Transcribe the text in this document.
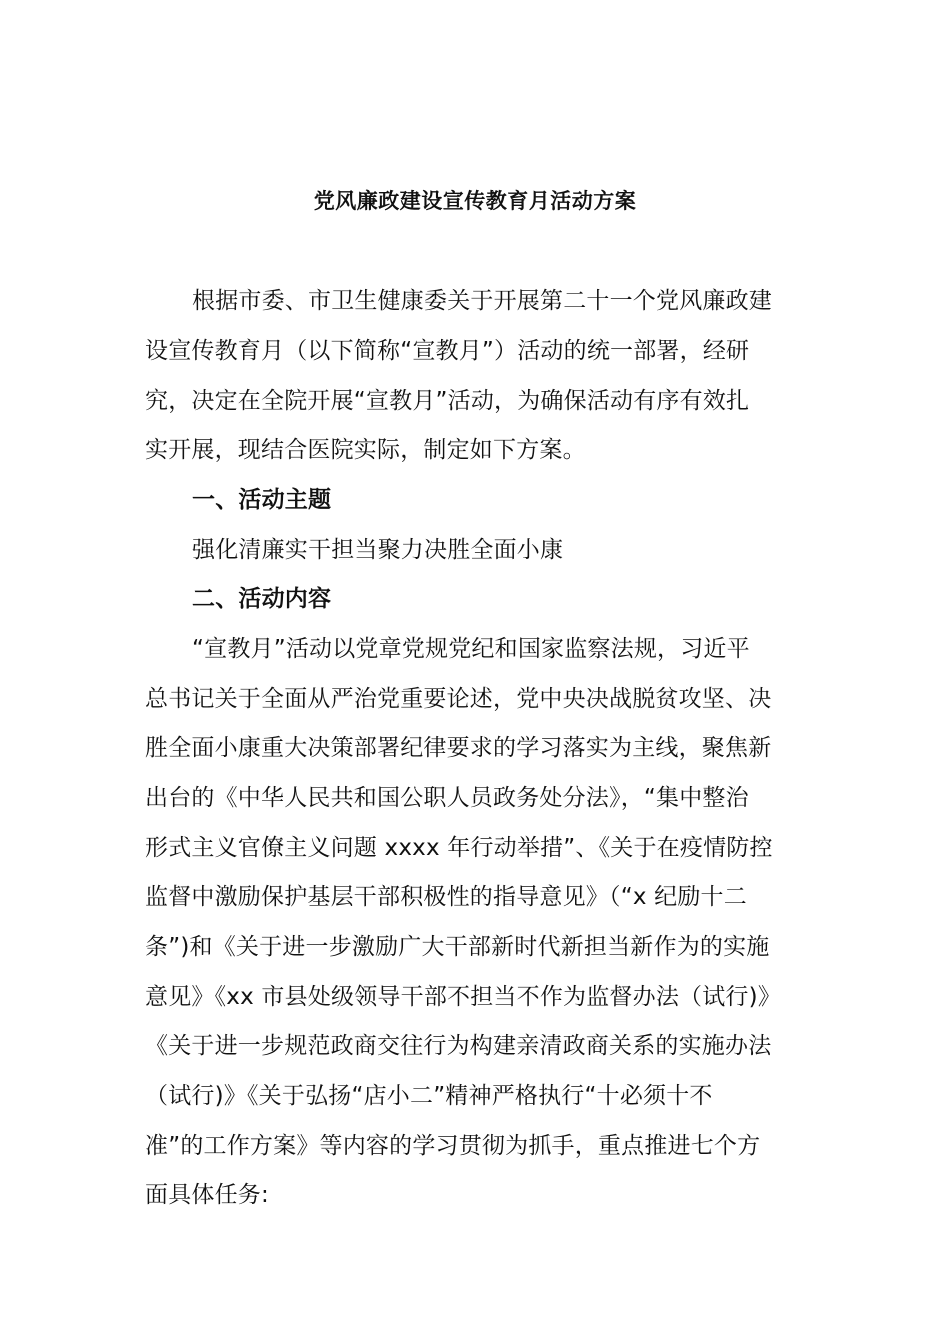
党风廉政建设宣传教育月活动方案
根据市委、市卫生健康委关于开展第二十一个党风廉政建
设宣传教育月（以下简称“宣教月”）活动的统一部署，经研
究，决定在全院开展“宣教月”活动，为确保活动有序有效扎
实开展，现结合医院实际，制定如下方案。
一、活动主题
强化清廉实干担当聚力决胜全面小康
二、活动内容
“宣教月”活动以党章党规党纪和国家监察法规，习近平
总书记关于全面从严治党重要论述，党中央决战脱贫攻坚、决
胜全面小康重大决策部署纪律要求的学习落实为主线，聚焦新
出台的《中华人民共和国公职人员政务处分法》，“集中整治
形式主义官僚主义问题 xxxx 年行动举措”、《关于在疫情防控
监督中激励保护基层干部积极性的指导意见》（“x 纪励十二
条”)和《关于进一步激励广大干部新时代新担当新作为的实施
意见》《xx 市县处级领导干部不担当不作为监督办法（试行)》
《关于进一步规范政商交往行为构建亲清政商关系的实施办法
（试行)》《关于弘扬“店小二”精神严格执行“十必须十不
准”的工作方案》等内容的学习贯彻为抓手，重点推进七个方
面具体任务:
